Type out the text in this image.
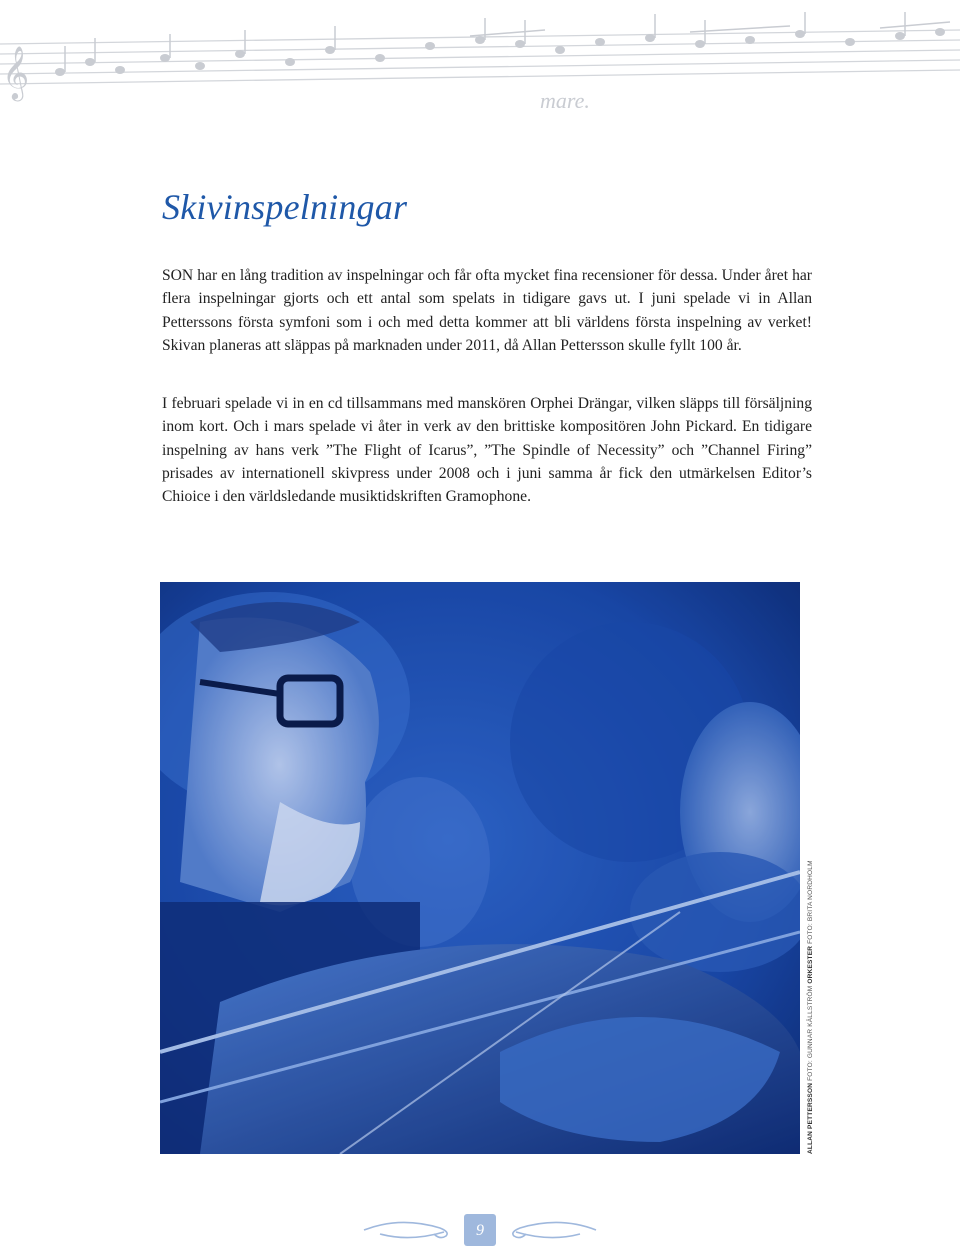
𝄞
mare.
Skivinspelningar

SON har en lång tradition av inspelningar och får ofta mycket fina recensioner för dessa. Under året har flera inspelningar gjorts och ett antal som spelats in tidigare gavs ut. I juni spelade vi in Allan Petterssons första symfoni som i och med detta kommer att bli världens första inspelning av verket! Skivan planeras att släppas på marknaden under 2011, då Allan Pettersson skulle fyllt 100 år.

I februari spelade vi in en cd tillsammans med manskören Orphei Drängar, vilken släpps till försäljning inom kort. Och i mars spelade vi åter in verk av den brittiske kompositören John Pickard. En tidigare inspelning av hans verk ”The Flight of Icarus”, ”The Spindle of Necessity” och ”Channel Firing” prisades av internationell skivpress under 2008 och i juni samma år fick den utmärkelsen Editor’s Chioice i den världsledande musiktidskriften Gramophone.

ALLAN PETTERSSON FOTO: GUNNAR KÄLLSTRÖM ORKESTER FOTO: BRITA NORDHOLM
9
